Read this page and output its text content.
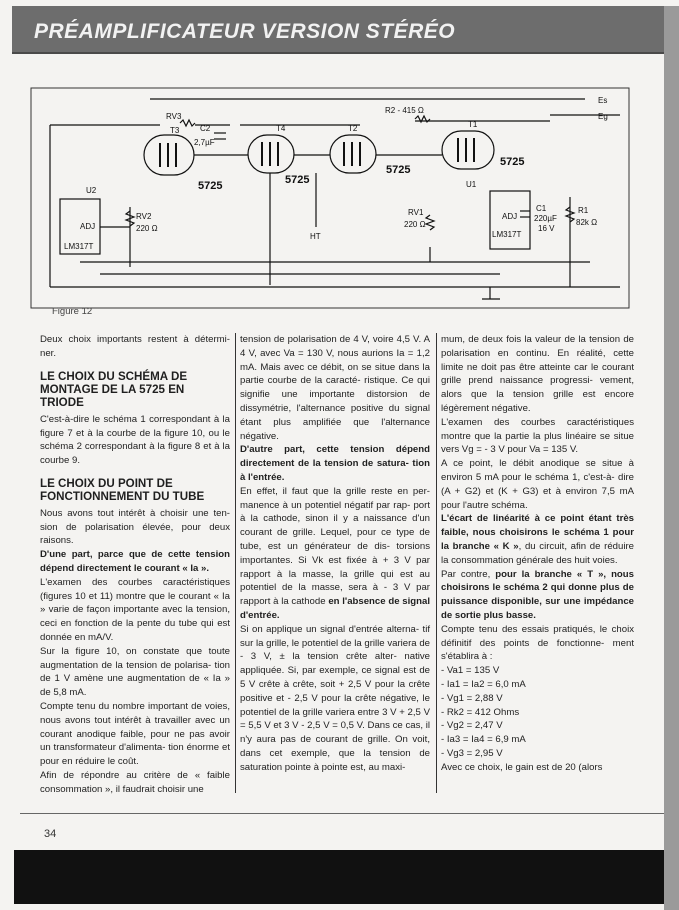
PRÉAMPLIFICATEUR VERSION STÉRÉO
Es
Eg
R2 - 415 Ω
RV3
C2
2,7µF
T1
T2
T3	T4
5725	5725
5725
5725
U2
U1
LM317T
LM317T
ADJ
ADJ
RV2
220 Ω
RV1
220 Ω
C1
220µF
16 V
R1
82k Ω
HT
Figure 12

Deux choix importants restent à détermi- ner.

LE CHOIX DU SCHÉMA DE MONTAGE DE LA 5725 EN TRIODE

C'est-à-dire le schéma 1 correspondant à la figure 7 et à la courbe de la figure 10, ou le schéma 2 correspondant à la figure 8 et à la courbe 9.

LE CHOIX DU POINT DE FONCTIONNEMENT DU TUBE

Nous avons tout intérêt à choisir une ten- sion de polarisation élevée, pour deux raisons.

D'une part, parce que de cette tension dépend directement le courant « Ia ».

L'examen des courbes caractéristiques (figures 10 et 11) montre que le courant « Ia » varie de façon importante avec la tension, ceci en fonction de la pente du tube qui est donnée en mA/V.

Sur la figure 10, on constate que toute augmentation de la tension de polarisa- tion de 1 V amène une augmentation de « Ia » de 5,8 mA.

Compte tenu du nombre important de voies, nous avons tout intérêt à travailler avec un courant anodique faible, pour ne pas avoir un transformateur d'alimenta- tion énorme et pour en réduire le coût.

Afin de répondre au critère de « faible consommation », il faudrait choisir une

tension de polarisation de 4 V, voire 4,5 V. A 4 V, avec Va = 130 V, nous aurions Ia = 1,2 mA. Mais avec ce débit, on se situe dans la partie courbe de la caracté- ristique. Ce qui signifie une importante distorsion de dissymétrie, l'alternance positive du signal étant plus amplifiée que l'alternance négative.

D'autre part, cette tension dépend directement de la tension de satura- tion à l'entrée.

En effet, il faut que la grille reste en per- manence à un potentiel négatif par rap- port à la cathode, sinon il y a naissance d'un courant de grille. Lequel, pour ce type de tube, est un générateur de dis- torsions importantes. Si Vk est fixée à + 3 V par rapport à la masse, la grille qui est au potentiel de la masse, sera à - 3 V par rapport à la cathode en l'absence de signal d'entrée.

Si on applique un signal d'entrée alterna- tif sur la grille, le potentiel de la grille variera de - 3 V, ± la tension crête alter- native appliquée. Si, par exemple, ce signal est de 5 V crête à crête, soit + 2,5 V pour la crête positive et - 2,5 V pour la crête négative, le potentiel de la grille variera entre 3 V + 2,5 V = 5,5 V et 3 V - 2,5 V = 0,5 V. Dans ce cas, il n'y aura pas de courant de grille. On voit, dans cet exemple, que la tension de saturation pointe à pointe est, au maxi-

mum, de deux fois la valeur de la tension de polarisation en continu. En réalité, cette limite ne doit pas être atteinte car le courant grille prend naissance progressi- vement, alors que la tension grille est encore légèrement négative.

L'examen des courbes caractéristiques montre que la partie la plus linéaire se situe vers Vg = - 3 V pour Va = 135 V.

A ce point, le débit anodique se situe à environ 5 mA pour le schéma 1, c'est-à- dire (A + G2) et (K + G3) et à environ 7,5 mA pour l'autre schéma.

L'écart de linéarité à ce point étant très faible, nous choisirons le schéma 1 pour la branche « K », du circuit, afin de réduire la consommation générale des huit voies.

Par contre, pour la branche « T », nous choisirons le schéma 2 qui donne plus de puissance disponible, sur une impédance de sortie plus basse.

Compte tenu des essais pratiqués, le choix définitif des points de fonctionne- ment s'établira à :

- Va1 = 135 V

- Ia1 = Ia2 = 6,0 mA

- Vg1 = 2,88 V

- Rk2 = 412 Ohms

- Vg2 = 2,47 V

- Ia3 = Ia4 = 6,9 mA

- Vg3 = 2,95 V

Avec ce choix, le gain est de 20 (alors

34
